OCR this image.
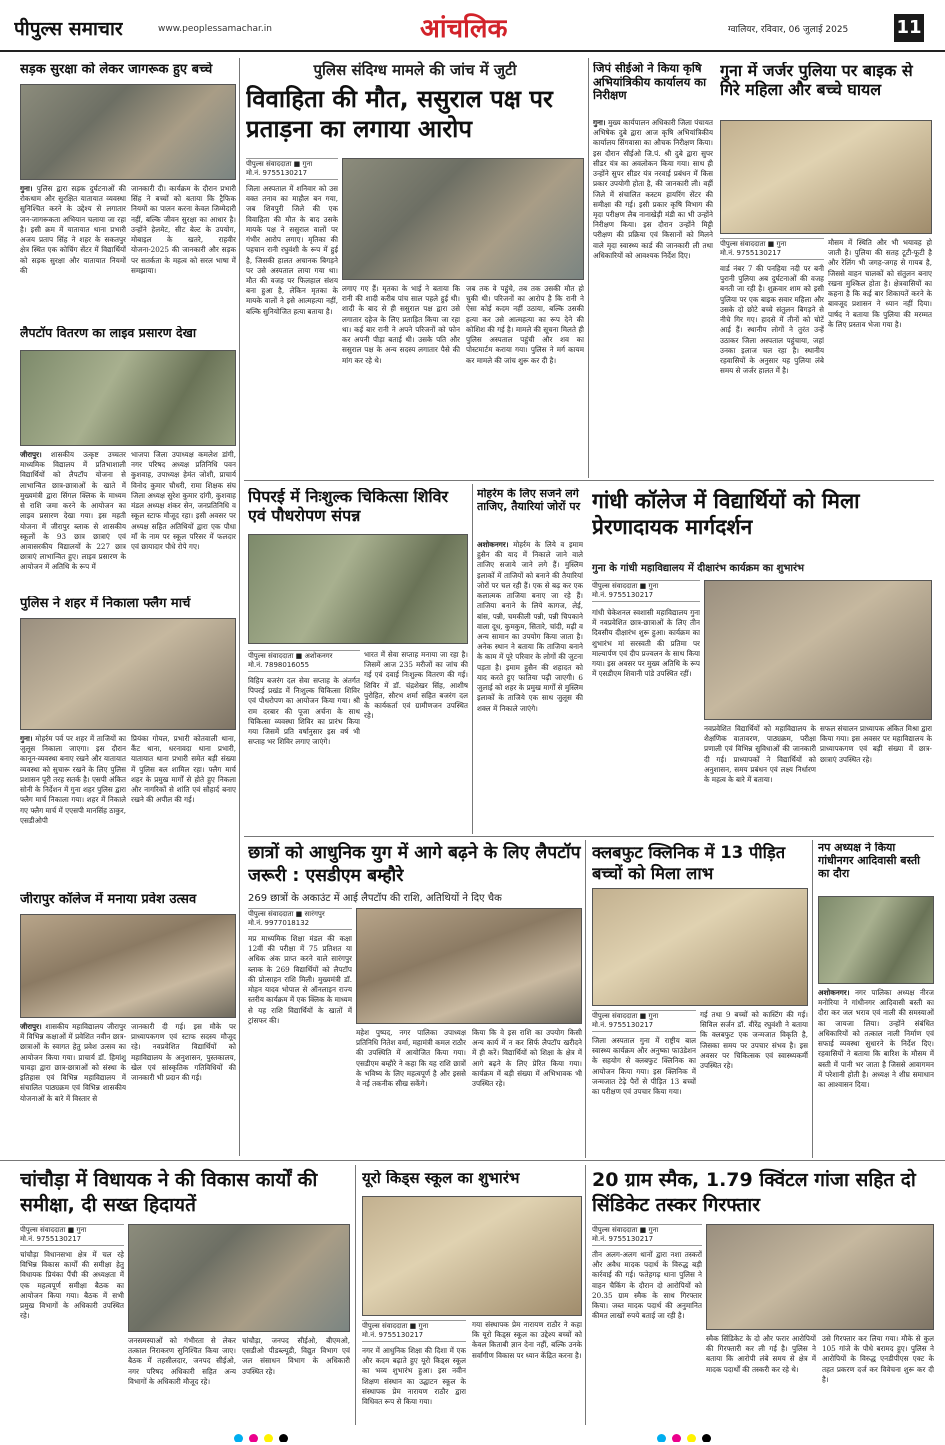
पीपुल्स समाचार	www.peoplessamachar.in	आंचलिक	ग्वालियर, रविवार, 06 जुलाई 2025	11
सड़क सुरक्षा को लेकर जागरूक हुए बच्चे
गुना। पुलिस द्वारा सड़क दुर्घटनाओं की रोकथाम और सुरक्षित यातायात व्यवस्था सुनिश्चित करने के उद्देश्य से लगातार जन-जागरूकता अभियान चलाया जा रहा है। इसी क्रम में यातायात थाना प्रभारी अजय प्रताप सिंह ने शहर के सकतपुर क्षेत्र स्थित एक कोचिंग सेंटर में विद्यार्थियों को सड़क सुरक्षा और यातायात नियमों की
जानकारी दी। कार्यक्रम के दौरान प्रभारी सिंह ने बच्चों को बताया कि ट्रैफिक नियमों का पालन करना केवल जिम्मेदारी नहीं, बल्कि जीवन सुरक्षा का आधार है। उन्होंने हेलमेट, सीट बेल्ट के उपयोग, मोबाइल के खतरे, राहवीर योजना-2025 की जानकारी और सड़क पर सतर्कता के महत्व को सरल भाषा में समझाया।
लैपटॉप वितरण का लाइव प्रसारण देखा
जीरापुर। शासकीय उत्कृष्ट उच्चतर माध्यमिक विद्यालय में प्रतिभाशाली विद्यार्थियों को लैपटॉप योजना से लाभान्वित छात्र-छात्राओं के खाते में मुख्यमंत्री द्वारा सिंगल क्लिक के माध्यम से राशि जमा करने के आयोजन का लाइव प्रसारण देखा गया। इस महती योजना में जीरापुर ब्लाक से शासकीय स्कूलों के 93 छात्र छात्राएं एवं आवासरकीय विद्यालयों के 227 छात्र छात्राएं लाभान्वित हुए। लाइव प्रसारण के आयोजन में अतिथि के रूप में
भाजपा जिला उपाध्यक्ष कमलेश डांगी, नगर परिषद अध्यक्ष प्रतिनिधि पवन कुशवाह, उपाध्यक्ष हेमंत जोशी, प्राचार्य विनोद कुमार चौधरी, रामा शिक्षक संघ जिला अध्यक्ष सुरेश कुमार दांगी, कुशवाह मंडल अध्यक्ष शंकर सेन, जनप्रतिनिधि व स्कूल स्टाफ मौजूद रहा। इसी अवसर पर अध्यक्ष सहित अतिथियों द्वारा एक पौधा माँ के नाम पर स्कूल परिसर में फलदार एवं छायादार पौधे रोपे गए।
पुलिस ने शहर में निकाला फ्लैग मार्च
गुना। मोहर्रम पर्व पर शहर में ताजियों का जुलूस निकाला जाएगा। इस दौरान कानून-व्यवस्था बनाए रखने और यातायात व्यवस्था को सुचारू रखने के लिए पुलिस प्रशासन पूरी तरह सतर्क है। एसपी अंकित सोनी के निर्देशन में गुना शहर पुलिस द्वारा फ्लैग मार्च निकाला गया। शहर में निकाले गए फ्लैग मार्च में एएसपी मानसिंह ठाकुर, एसडीओपी
प्रियंका गोयल, प्रभारी कोतवाली थाना, कैंट थाना, धरनावदा थाना प्रभारी, यातायात थाना प्रभारी समेत बड़ी संख्या में पुलिस बल शामिल रहा। फ्लैग मार्च शहर के प्रमुख मार्गों से होते हुए निकला और नागरिकों से शांति एवं सौहार्द बनाए रखने की अपील की गई।
जीरापुर कॉलेज में मनाया प्रवेश उत्सव
जीरापुर। शासकीय महाविद्यालय जीरापुर में विभिन्न कक्षाओं में प्रवेशित नवीन छात्र-छात्राओं के स्वागत हेतु प्रवेश उत्सव का आयोजन किया गया। प्राचार्य डॉ. हिमांशु चावड़ा द्वारा छात्र-छात्राओं को संस्था के इतिहास एवं विभिन्न महाविद्यालय में संचालित पाठ्यक्रम एवं विभिन्न शासकीय योजनाओं के बारे में विस्तार से
जानकारी दी गई। इस मौके पर प्राध्यापकगण एवं स्टाफ सदस्य मौजूद रहे। नवप्रवेशित विद्यार्थियों को महाविद्यालय के अनुशासन, पुस्तकालय, खेल एवं सांस्कृतिक गतिविधियों की जानकारी भी प्रदान की गई।
पुलिस संदिग्ध मामले की जांच में जुटी
विवाहिता की मौत, ससुराल पक्ष पर प्रताड़ना का लगाया आरोप
पीपुल्स संवाददाता ■ गुना
मो.नं. 9755130217
जिला अस्पताल में शनिवार को उस वक्त तनाव का माहौल बन गया, जब शिवपुरी जिले की एक विवाहिता की मौत के बाद उसके मायके पक्ष ने ससुराल वालों पर गंभीर आरोप लगाए। मृतिका की पहचान रानी रघुवंशी के रूप में हुई है, जिसकी हालत अचानक बिगड़ने पर उसे अस्पताल लाया गया था। मौत की वजह पर फिलहाल संशय बना हुआ है, लेकिन मृतका के मायके वालों ने इसे आत्महत्या नहीं, बल्कि सुनियोजित हत्या बताया है।
लगाए गए हैं। मृतका के भाई ने बताया कि रानी की शादी करीब पांच साल पहले हुई थी। शादी के बाद से ही ससुराल पक्ष द्वारा उसे लगातार दहेज के लिए प्रताड़ित किया जा रहा था। कई बार रानी ने अपने परिजनों को फोन कर अपनी पीड़ा बताई थी। उसके पति और ससुराल पक्ष के अन्य सदस्य लगातार पैसे की मांग कर रहे थे।
जब तक वे पहुंचे, तब तक उसकी मौत हो चुकी थी। परिजनों का आरोप है कि रानी ने ऐसा कोई कदम नहीं उठाया, बल्कि उसकी हत्या कर उसे आत्महत्या का रूप देने की कोशिश की गई है। मामले की सूचना मिलते ही पुलिस अस्पताल पहुंची और शव का पोस्टमार्टम कराया गया। पुलिस ने मर्ग कायम कर मामले की जांच शुरू कर दी है।
जिपं सीईओ ने किया कृषि अभियांत्रिकीय कार्यालय का निरीक्षण
गुना। मुख्य कार्यपालन अधिकारी जिला पंचायत अभिषेक दुबे द्वारा आज कृषि अभियांत्रिकीय कार्यालय सिंगवासा का औचक निरीक्षण किया। इस दौरान सीईओ जि.पं. श्री दुबे द्वारा सुपर सीडर यंत्र का अवलोकन किया गया। साथ ही उन्होंने सुपर सीडर यंत्र नरवाई प्रबंधन में किस प्रकार उपयोगी होता है, की जानकारी ली। वहीं जिले में संचालित कस्टम हायरिंग सेंटर की समीक्षा की गई। इसी प्रकार कृषि विभाग की मृदा परीक्षण लैब नानाखेड़ी मंडी का भी उन्होंने निरीक्षण किया। इस दौरान उन्होंने मिट्टी परीक्षण की प्रक्रिया एवं किसानों को मिलने वाले मृदा स्वास्थ्य कार्ड की जानकारी ली तथा अधिकारियों को आवश्यक निर्देश दिए।
गुना में जर्जर पुलिया पर बाइक से गिरे महिला और बच्चे घायल
पीपुल्स संवाददाता ■ गुना
मो.नं. 9755130217
वार्ड नंबर 7 की पनहिया नदी पर बनी पुरानी पुलिया अब दुर्घटनाओं की वजह बनती जा रही है। शुक्रवार शाम को इसी पुलिया पर एक बाइक सवार महिला और उसके दो छोटे बच्चे संतुलन बिगड़ने से नीचे गिर गए। हादसे में तीनों को चोटें आई हैं। स्थानीय लोगों ने तुरंत उन्हें उठाकर जिला अस्पताल पहुंचाया, जहां उनका इलाज चल रहा है। स्थानीय रहवासियों के अनुसार यह पुलिया लंबे समय से जर्जर हालत में है।
मौसम में स्थिति और भी भयावह हो जाती है। पुलिया की सतह टूटी-फूटी है और रेलिंग भी जगह-जगह से गायब है, जिससे वाहन चालकों को संतुलन बनाए रखना मुश्किल होता है। क्षेत्रवासियों का कहना है कि कई बार शिकायतें करने के बावजूद प्रशासन ने ध्यान नहीं दिया। पार्षद ने बताया कि पुलिया की मरम्मत के लिए प्रस्ताव भेजा गया है।
पिपरई में निःशुल्क चिकित्सा शिविर एवं पौधरोपण संपन्न
पीपुल्स संवाददाता ■ अशोकनगर
मो.नं. 7898016055
विहिप बजरंग दल सेवा सप्ताह के अंतर्गत पिपरई प्रखंड में निःशुल्क चिकित्सा शिविर एवं पौधरोपण का आयोजन किया गया। श्री राम दरबार की पूजा अर्चना के साथ चिकित्सा व्यवस्था शिविर का प्रारंभ किया गया जिसमें प्रति वर्षानुसार इस वर्ष भी सप्ताह भर शिविर लगाए जाएंगे।
भारत में सेवा सप्ताह मनाया जा रहा है। जिसमें आज 235 मरीजों का जांच की गई एवं दवाई निःशुल्क वितरण की गई। शिविर में डॉ. चंद्रशेखर सिंह, आशीष पुरोहित, सौरभ शर्मा सहित बजरंग दल के कार्यकर्ता एवं ग्रामीणजन उपस्थित रहे।
मोहर्रम के लिए सजने लगे ताजिए, तैयारियां जोरों पर
अशोकनगर। मोहर्रम के लिये व इमाम हुसैन की याद में निकाले जाने वाले ताजिए सजाये जाने लगे हैं। मुस्लिम इलाकों में ताजियों को बनाने की तैयारियां जोरों पर चल रही हैं। एक से बढ़ कर एक कलात्मक ताजिया बनाए जा रहे हैं। ताजिया बनाने के लिये कागज, लेई, बांस, पन्नी, चमकीली पन्नी, पन्नी चिपकाने वाला दूध, कुमकुम, सितारे, चांदी, मढ़ी व अन्य सामान का उपयोग किया जाता है। अनेक स्थान ने बताया कि ताजिया बनाने के काम में पूरे परिवार के लोगों की जुटना पड़ता है। इमाम हुसैन की शहादत को याद करते हुए फातिया पढ़ी जाएगी। 6 जुलाई को शहर के प्रमुख मार्गों से मुस्लिम इलाकों के ताजिये एक साथ जुलूस की शक्ल में निकाले जाएंगे।
गांधी कॉलेज में विद्यार्थियों को मिला प्रेरणादायक मार्गदर्शन
गुना के गांधी महाविद्यालय में दीक्षारंभ कार्यक्रम का शुभारंभ
पीपुल्स संवाददाता ■ गुना
मो.नं. 9755130217
गांधी चेकेशनल स्वशासी महाविद्यालय गुना में नवप्रवेशित छात्र-छात्राओं के लिए तीन दिवसीय दीक्षारंभ शुरू हुआ। कार्यक्रम का शुभारंभ मां सरस्वती की प्रतिमा पर माल्यार्पण एवं दीप प्रज्वलन के साथ किया गया। इस अवसर पर मुख्य अतिथि के रूप में एसडीएम शिवानी पांडे उपस्थित रहीं।
नवप्रवेशित विद्यार्थियों को महाविद्यालय के शैक्षणिक वातावरण, पाठ्यक्रम, परीक्षा प्रणाली एवं विभिन्न सुविधाओं की जानकारी दी गई। प्राध्यापकों ने विद्यार्थियों को अनुशासन, समय प्रबंधन एवं लक्ष्य निर्धारण के महत्व के बारे में बताया।
सफल संचालन प्राध्यापक अंकित मिश्रा द्वारा किया गया। इस अवसर पर महाविद्यालय के प्राध्यापकगण एवं बड़ी संख्या में छात्र-छात्राएं उपस्थित रहे।
छात्रों को आधुनिक युग में आगे बढ़ने के लिए लैपटॉप जरूरी : एसडीएम बम्हौरे
269 छात्रों के अकाउंट में आई लैपटॉप की राशि, अतिथियों ने दिए चैक
पीपुल्स संवाददाता ■ सारंगपुर
मो.नं. 9977018132
मप्र माध्यमिक शिक्षा मंडल की कक्षा 12वीं की परीक्षा में 75 प्रतिशत या अधिक अंक प्राप्त करने वाले सारंगपुर ब्लाक के 269 विद्यार्थियों को लैपटॉप की प्रोत्साहन राशि मिली। मुख्यमंत्री डॉ. मोहन यादव भोपाल से ऑनलाइन राज्य स्तरीय कार्यक्रम में एक क्लिक के माध्यम से यह राशि विद्यार्थियों के खातों में ट्रांसफर की।
महेश पुष्पद, नगर पालिका उपाध्यक्ष प्रतिनिधि नितेश वर्मा, महामंत्री कमल राठौर की उपस्थिति में आयोजित किया गया। एसडीएम बम्हौरे ने कहा कि यह राशि छात्रों के भविष्य के लिए महत्वपूर्ण है और इससे वे नई तकनीक सीख सकेंगे।
किया कि वे इस राशि का उपयोग किसी अन्य कार्य में न कर सिर्फ लैपटॉप खरीदने में ही करें। विद्यार्थियों को शिक्षा के क्षेत्र में आगे बढ़ने के लिए प्रेरित किया गया। कार्यक्रम में बड़ी संख्या में अभिभावक भी उपस्थित रहे।
क्लबफुट क्लिनिक में 13 पीड़ित बच्चों को मिला लाभ
पीपुल्स संवाददाता ■ गुना
मो.नं. 9755130217
जिला अस्पताल गुना में राष्ट्रीय बाल स्वास्थ्य कार्यक्रम और अनुष्का फाउंडेशन के सहयोग से क्लबफुट क्लिनिक का आयोजन किया गया। इस क्लिनिक में जन्मजात टेढ़े पैरों से पीड़ित 13 बच्चों का परीक्षण एवं उपचार किया गया।
गई तथा 9 बच्चों को कास्टिंग की गई। सिविल सर्जन डॉ. वीरेंद्र रघुवंशी ने बताया कि क्लबफुट एक जन्मजात विकृति है, जिसका समय पर उपचार संभव है। इस अवसर पर चिकित्सक एवं स्वास्थ्यकर्मी उपस्थित रहे।
नप अध्यक्ष ने किया गांधीनगर आदिवासी बस्ती का दौरा
अशोकनगर। नगर पालिका अध्यक्ष नीरज मनोरिया ने गांधीनगर आदिवासी बस्ती का दौरा कर जल भराव एवं नाली की समस्याओं का जायजा लिया। उन्होंने संबंधित अधिकारियों को तत्काल नाली निर्माण एवं सफाई व्यवस्था सुधारने के निर्देश दिए। रहवासियों ने बताया कि बारिश के मौसम में बस्ती में पानी भर जाता है जिससे आवागमन में परेशानी होती है। अध्यक्ष ने शीघ्र समाधान का आश्वासन दिया।
चांचौड़ा में विधायक ने की विकास कार्यों की समीक्षा, दी सख्त हिदायतें
पीपुल्स संवाददाता ■ गुना
मो.नं. 9755130217
चांचौड़ा विधानसभा क्षेत्र में चल रहे विभिन्न विकास कार्यों की समीक्षा हेतु विधायक प्रियंका पैंची की अध्यक्षता में एक महत्वपूर्ण समीक्षा बैठक का आयोजन किया गया। बैठक में सभी प्रमुख विभागों के अधिकारी उपस्थित रहे।
जनसमस्याओं को गंभीरता से लेकर तत्काल निराकरण सुनिश्चित किया जाए। बैठक में तहसीलदार, जनपद सीईओ, नगर परिषद अधिकारी सहित अन्य विभागों के अधिकारी मौजूद रहे।
चांचौड़ा, जनपद सीईओ, बीएमओ, एसडीओ पीडब्ल्यूडी, विद्युत विभाग एवं जल संसाधन विभाग के अधिकारी उपस्थित रहे।
यूरो किड्स स्कूल का शुभारंभ
पीपुल्स संवाददाता ■ गुना
मो.नं. 9755130217
नगर में आधुनिक शिक्षा की दिशा में एक और कदम बढ़ाते हुए यूरो किड्स स्कूल का भव्य शुभारंभ हुआ। इस नवीन शिक्षण संस्थान का उद्घाटन स्कूल के संस्थापक प्रेम नारायण राठौर द्वारा विधिवत रूप से किया गया।
गया संस्थापक प्रेम नारायण राठौर ने कहा कि यूरो किड्स स्कूल का उद्देश्य बच्चों को केवल किताबी ज्ञान देना नहीं, बल्कि उनके सर्वांगीण विकास पर ध्यान केंद्रित करना है।
20 ग्राम स्मैक, 1.79 क्विंटल गांजा सहित दो सिंडिकेट तस्कर गिरफ्तार
पीपुल्स संवाददाता ■ गुना
मो.नं. 9755130217
तीन अलग-अलग थानों द्वारा नशा तस्करों और अवैध मादक पदार्थ के विरुद्ध बड़ी कार्रवाई की गई। फतेहगढ़ थाना पुलिस ने वाहन चैकिंग के दौरान दो आरोपियों को 20.35 ग्राम स्मैक के साथ गिरफ्तार किया। जब्त मादक पदार्थ की अनुमानित कीमत लाखों रुपये बताई जा रही है।
स्मैक सिंडिकेट के दो और फरार आरोपियों की गिरफ्तारी कर ली गई है। पुलिस ने बताया कि आरोपी लंबे समय से क्षेत्र में मादक पदार्थों की तस्करी कर रहे थे।
उसे गिरफ्तार कर लिया गया। मौके से कुल 105 गांजे के पौधे बरामद हुए। पुलिस ने आरोपियों के विरुद्ध एनडीपीएस एक्ट के तहत प्रकरण दर्ज कर विवेचना शुरू कर दी है।
